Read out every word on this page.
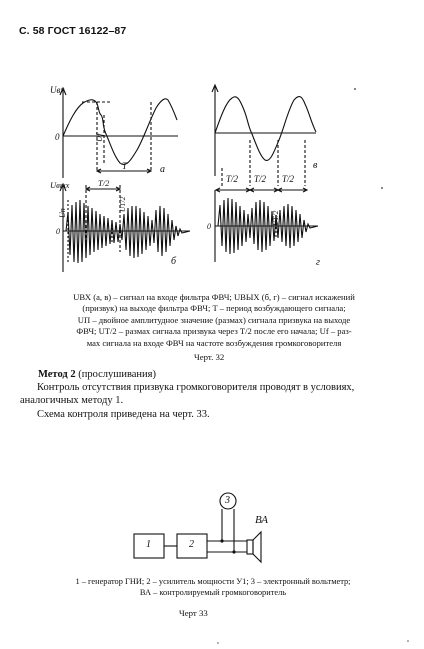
С. 58 ГОСТ 16122–87
Uвх
0	Uf
T	а
Uвых	T/2
Uп
0
UT/2
б
T/2 T/2 T/2
в
0
UT/2
г
UВХ (а, в) – сигнал на входе фильтра ФВЧ; UВЫХ (б, г) – сигнал искажений
(призвук) на выходе фильтра ФВЧ; T – период возбуждающего сигнала;
UП – двойное амплитудное значение (размах) сигнала призвука на выходе
ФВЧ; UT/2 – размах сигнала призвука через T/2 после его начала; Uf – раз-
мах сигнала на входе ФВЧ на частоте возбуждения громкоговорителя
Черт. 32
Метод 2 (прослушивания)
Контроль отсутствия призвука громкоговорителя проводят в условиях, аналогичных методу 1.
Схема контроля приведена на черт. 33.
1	2
3
ВА
1 – генератор ГНИ; 2 – усилитель мощности У1; 3 – электронный вольтметр;
ВА – контролируемый громкоговоритель
Черт 33
